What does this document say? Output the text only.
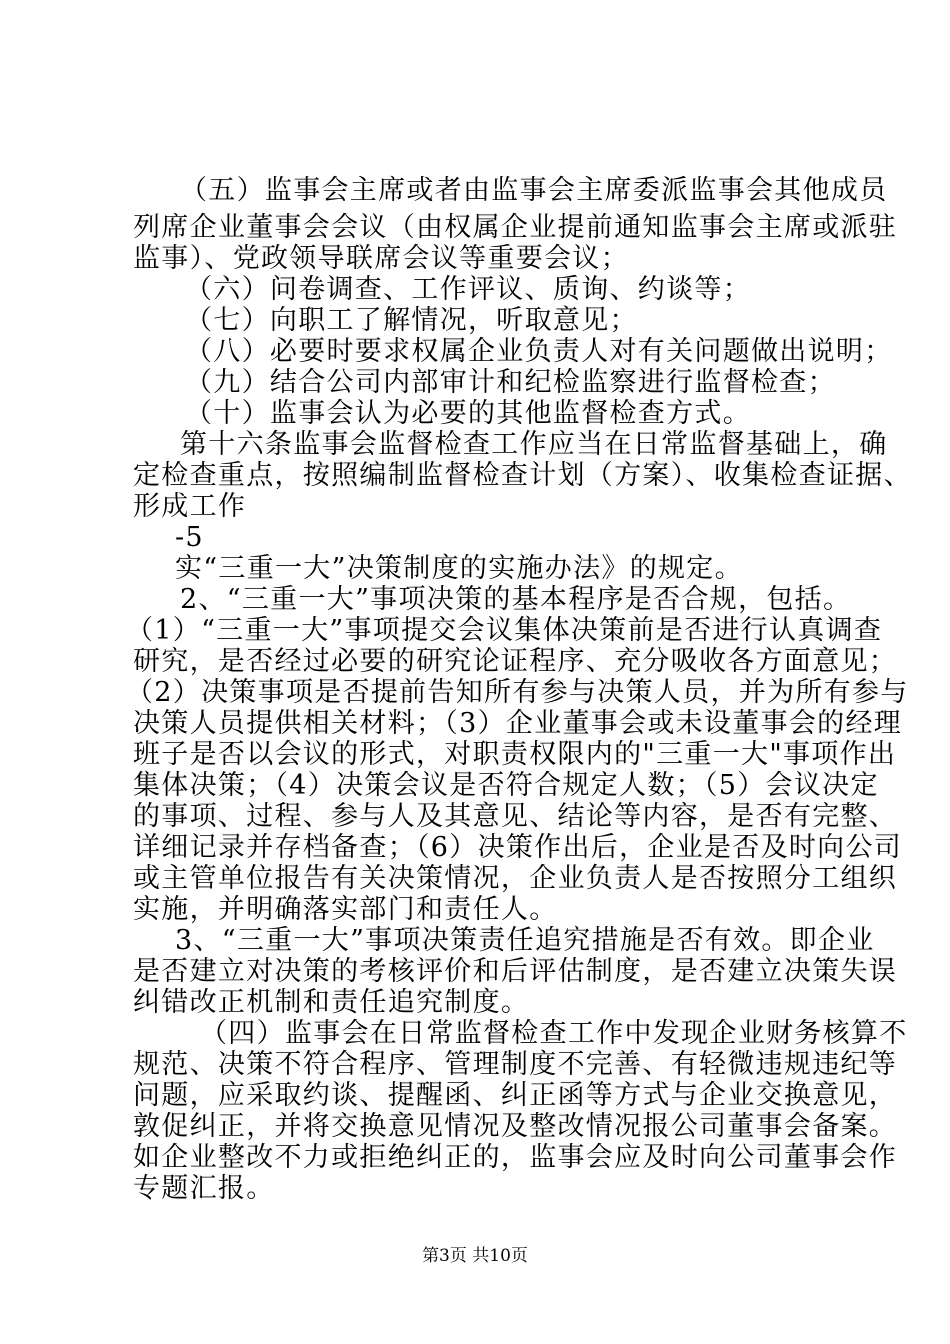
（五）监事会主席或者由监事会主席委派监事会其他成员
列席企业董事会会议（由权属企业提前通知监事会主席或派驻
监事）、党政领导联席会议等重要会议；
（六）问卷调查、工作评议、质询、约谈等；
（七）向职工了解情况，听取意见；
（八）必要时要求权属企业负责人对有关问题做出说明；
（九）结合公司内部审计和纪检监察进行监督检查；
（十）监事会认为必要的其他监督检查方式。
第十六条监事会监督检查工作应当在日常监督基础上，确
定检查重点，按照编制监督检查计划（方案）、收集检查证据、
形成工作
-5
实“三重一大”决策制度的实施办法》的规定。
2、“三重一大”事项决策的基本程序是否合规，包括。
（1）“三重一大”事项提交会议集体决策前是否进行认真调查
研究，是否经过必要的研究论证程序、充分吸收各方面意见；
（2）决策事项是否提前告知所有参与决策人员，并为所有参与
决策人员提供相关材料；（3）企业董事会或未设董事会的经理
班子是否以会议的形式，对职责权限内的"三重一大"事项作出
集体决策；（4）决策会议是否符合规定人数；（5）会议决定
的事项、过程、参与人及其意见、结论等内容，是否有完整、
详细记录并存档备查；（6）决策作出后，企业是否及时向公司
或主管单位报告有关决策情况，企业负责人是否按照分工组织
实施，并明确落实部门和责任人。
3、“三重一大”事项决策责任追究措施是否有效。即企业
是否建立对决策的考核评价和后评估制度，是否建立决策失误
纠错改正机制和责任追究制度。
（四）监事会在日常监督检查工作中发现企业财务核算不
规范、决策不符合程序、管理制度不完善、有轻微违规违纪等
问题，应采取约谈、提醒函、纠正函等方式与企业交换意见，
敦促纠正，并将交换意见情况及整改情况报公司董事会备案。
如企业整改不力或拒绝纠正的，监事会应及时向公司董事会作
专题汇报。
第3页 共10页
